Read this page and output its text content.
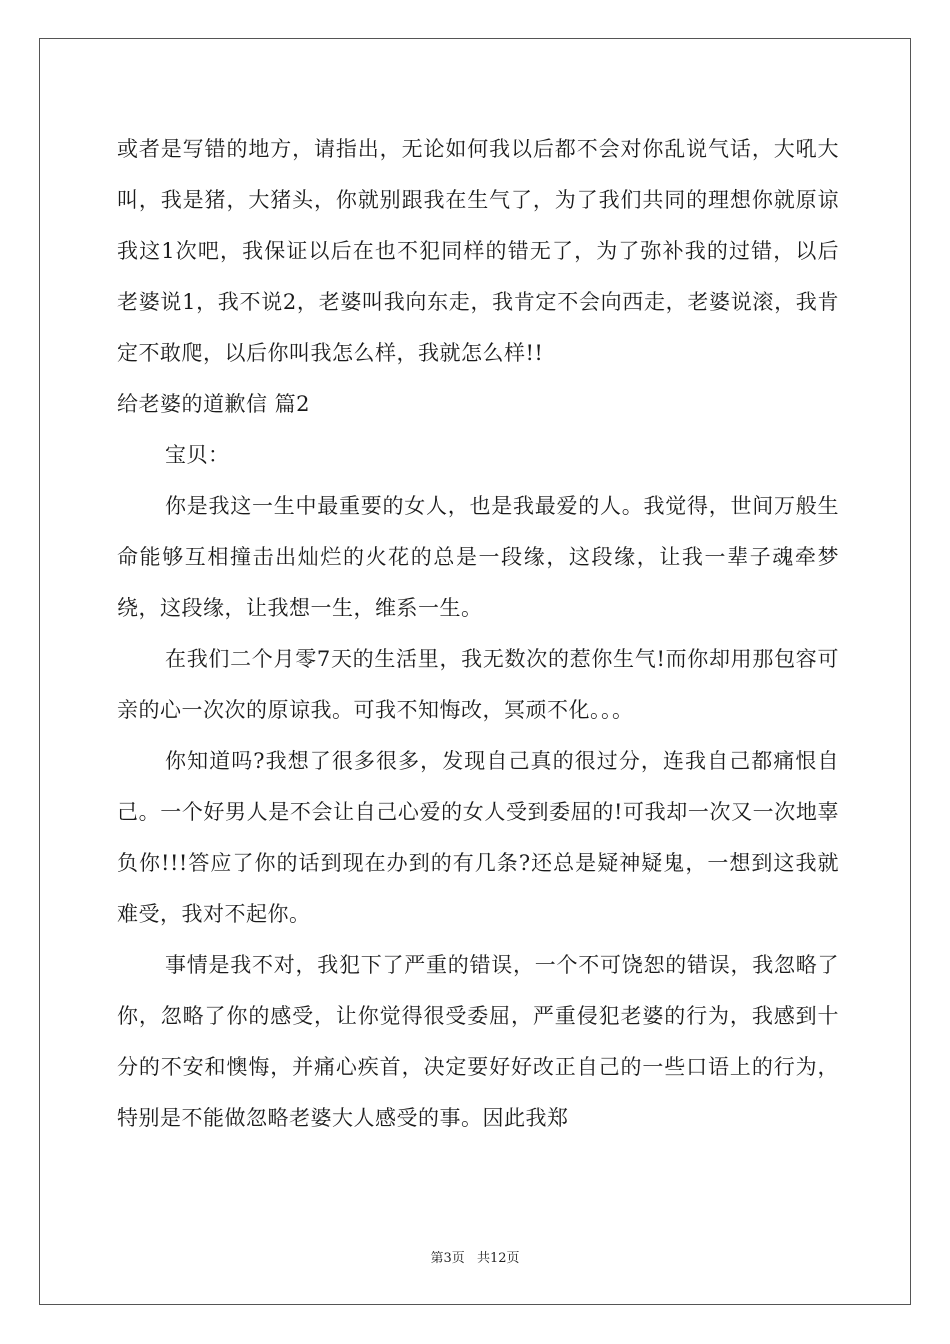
或者是写错的地方，请指出，无论如何我以后都不会对你乱说气话，大吼大叫，我是猪，大猪头，你就别跟我在生气了，为了我们共同的理想你就原谅我这1次吧，我保证以后在也不犯同样的错无了，为了弥补我的过错，以后老婆说1，我不说2，老婆叫我向东走，我肯定不会向西走，老婆说滚，我肯定不敢爬，以后你叫我怎么样，我就怎么样!!

给老婆的道歉信 篇2

宝贝：

你是我这一生中最重要的女人，也是我最爱的人。我觉得，世间万般生命能够互相撞击出灿烂的火花的总是一段缘，这段缘，让我一辈子魂牵梦绕，这段缘，让我想一生，维系一生。

在我们二个月零7天的生活里，我无数次的惹你生气!而你却用那包容可亲的心一次次的原谅我。可我不知悔改，冥顽不化。。。

你知道吗?我想了很多很多，发现自己真的很过分，连我自己都痛恨自己。一个好男人是不会让自己心爱的女人受到委屈的!可我却一次又一次地辜负你!!!答应了你的话到现在办到的有几条?还总是疑神疑鬼，一想到这我就难受，我对不起你。

事情是我不对，我犯下了严重的错误，一个不可饶恕的错误，我忽略了你，忽略了你的感受，让你觉得很受委屈，严重侵犯老婆的行为，我感到十分的不安和懊悔，并痛心疾首，决定要好好改正自己的一些口语上的行为，特别是不能做忽略老婆大人感受的事。因此我郑

第3页 共12页
